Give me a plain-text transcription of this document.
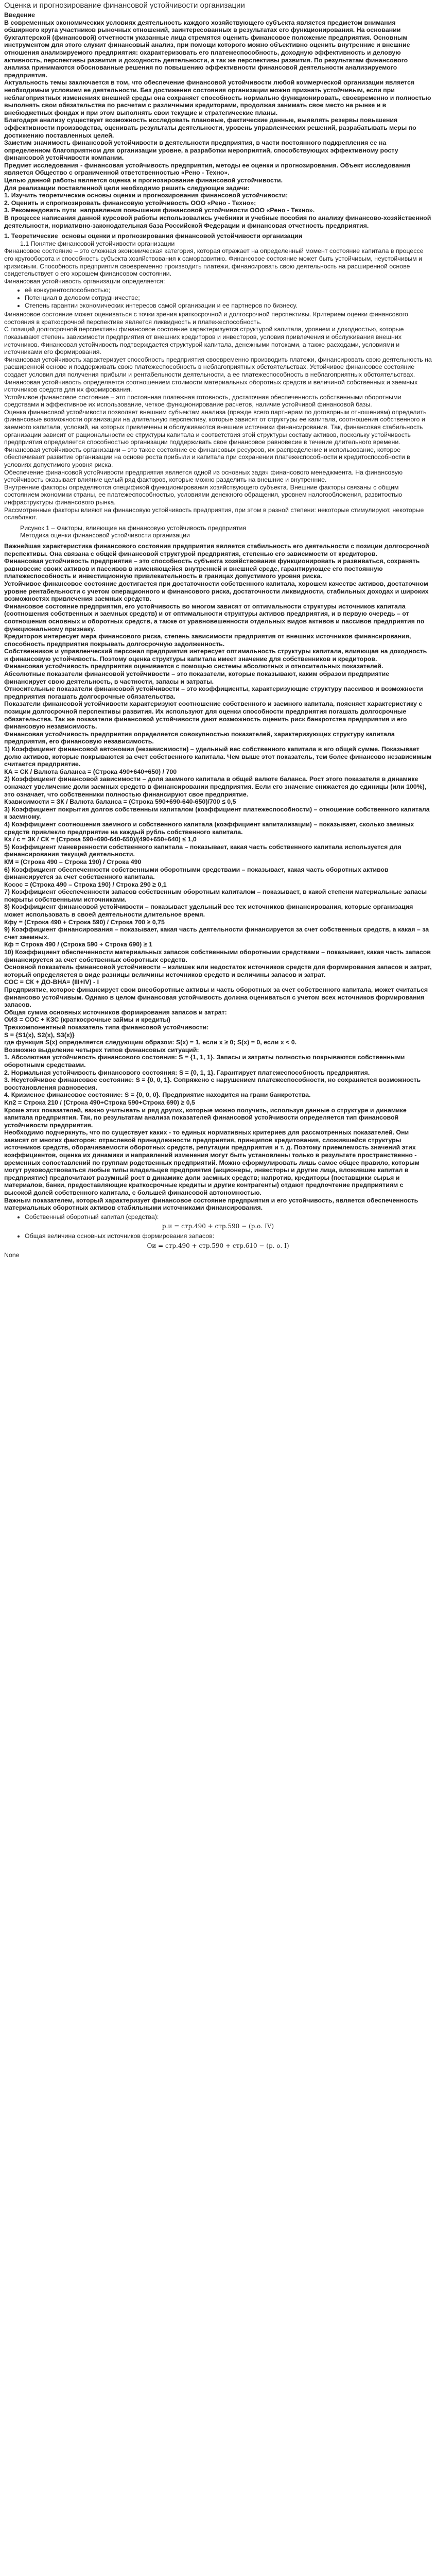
Оценка и прогнозирование финансовой устойчивости организации

Введение

В современных экономических условиях деятельность каждого хозяйствующего субъекта является предметом внимания обширного круга участников рыночных отношений, заинтересованных в результатах его функционирования. На основании бухгалтерской (финансовой) отчетности указанные лица стремятся оценить финансовое положение предприятия. Основным инструментом для этого служит финансовый анализ, при помощи которого можно объективно оценить внутренние и внешние отношения анализируемого предприятия: охарактеризовать его платежеспособность, доходную эффективность и деловую активность, перспективы развития и доходность деятельности, а так же перспективы развития. По результатам финансового анализа принимаются обоснованные решения по повышению эффективности финансовой деятельности анализируемого предприятия.

Актуальность темы заключается в том, что обеспечение финансовой устойчивости любой коммерческой организации является необходимым условием ее деятельности. Без достижения состояния организации можно признать устойчивым, если при неблагоприятных изменениях внешней среды она сохраняет способность нормально функционировать, своевременно и полностью выполнять свои обязательства по расчетам с различными кредиторами, продолжая занимать свое место на рынке и в внебюджетных фондах и при этом выполнять свои текущие и стратегические планы.

Благодаря анализу существует возможность исследовать плановые, фактические данные, выявлять резервы повышения эффективности производства, оценивать результаты деятельности, уровень управленческих решений, разрабатывать меры по достижению поставленных целей.

Заметим значимость финансовой устойчивости в деятельности предприятия, в части постоянного подкрепления ее на определенном благоприятном для организации уровне, а разработки мероприятий, способствующих эффективному росту финансовой устойчивости компании.

Предмет исследования - финансовая устойчивость предприятия, методы ее оценки и прогнозирования. Объект исследования является Общество с ограниченной ответственностью «Рено - Техно».

Целью данной работы является оценка и прогнозирование финансовой устойчивости.

Для реализации поставленной цели необходимо решить следующие задачи:

1. Изучить теоретические основы оценки и прогнозирования финансовой устойчивости;

2. Оценить и спрогнозировать финансовую устойчивость ООО «Рено - Техно»;

3. Рекомендовать пути  направления повышения финансовой устойчивости ООО «Рено - Техно».

В процессе написания данной курсовой работы использовались учебники и учебные пособия по анализу финансово-хозяйственной деятельности, нормативно-законодательная база Российской Федерации и финансовая отчетность предприятия.

1. Теоретические  основы оценки и прогнозирования финансовой устойчивости организации

1.1 Понятие финансовой устойчивости организации

Финансовое состояние – это сложная экономическая категория, которая отражает на определенный момент состояние капитала в процессе его кругооборота и способность субъекта хозяйствования к саморазвитию. Финансовое состояние может быть устойчивым, неустойчивым и кризисным. Способность предприятия своевременно производить платежи, финансировать свою деятельность на расширенной основе свидетельствует о его хорошем финансовом состоянии.

Финансовая устойчивость организации определяется:

• её конкурентоспособностью;
• Потенциал в деловом сотрудничестве;
• Степень гарантии экономических интересов самой организации и ее партнеров по бизнесу.

Финансовое состояние может оцениваться с точки зрения краткосрочной и долгосрочной перспективы. Критерием оценки финансового состояния в краткосрочной перспективе является ликвидность и платежеспособность.

С позиций долгосрочной перспективы финансовое состояние характеризуется структурой капитала, уровнем и доходностью, которые показывают степень зависимости предприятия от внешних кредиторов и инвесторов, условия привлечения и обслуживания внешних источников. Финансовая устойчивость подтверждается структурой капитала, денежными потоками, а также расходами, условиями и источниками его формирования.

Финансовая устойчивость характеризует способность предприятия своевременно производить платежи, финансировать свою деятельность на расширенной основе и поддерживать свою платежеспособность в неблагоприятных обстоятельствах. Устойчивое финансовое состояние создает условия для получения прибыли и рентабельности деятельности, а ее платежеспособность в неблагоприятных обстоятельствах. Финансовая устойчивость определяется соотношением стоимости материальных оборотных средств и величиной собственных и заемных источников средств для их формирования.

Устойчивое финансовое состояние – это постоянная платежная готовность, достаточная обеспеченность собственными оборотными средствами и эффективное их использование, четкое функционирование расчетов, наличие устойчивой финансовой базы.

Оценка финансовой устойчивости позволяет внешним субъектам анализа (прежде всего партнерам по договорным отношениям) определить финансовые возможности организации на длительную перспективу, которые зависят от структуры ее капитала, соотношения собственного и заемного капитала, условий, на которых привлечены и обслуживаются внешние источники финансирования. Так, финансовая стабильность организации зависит от рациональности ее структуры капитала и соответствия этой структуры составу активов, поскольку устойчивость предприятия определяется способностью организации поддерживать свое финансовое равновесие в течение длительного времени.

Финансовая устойчивость организации – это такое состояние ее финансовых ресурсов, их распределение и использование, которое обеспечивает развитие организации на основе роста прибыли и капитала при сохранении платежеспособности и кредитоспособности в условиях допустимого уровня риска.

Обеспечение финансовой устойчивости предприятия является одной из основных задач финансового менеджмента. На финансовую устойчивость оказывает влияние целый ряд факторов, которые можно разделить на внешние и внутренние.

Внутренние факторы определяются спецификой функционирования хозяйствующего субъекта. Внешние факторы связаны с общим состоянием экономики страны, ее платежеспособностью, условиями денежного обращения, уровнем налогообложения, развитостью инфраструктуры финансового рынка.

Рассмотренные факторы влияют на финансовую устойчивость предприятия, при этом в разной степени: некоторые стимулируют, некоторые ослабляют.

Рисунок 1 – Факторы, влияющие на финансовую устойчивость предприятия

Методика оценки финансовой устойчивости организации

Важнейшая характеристика финансового состояния предприятия является стабильность его деятельности с позиции долгосрочной перспективы. Она связана с общей финансовой структурой предприятия, степенью его зависимости от кредиторов.

Финансовая устойчивость предприятия – это способность субъекта хозяйствования функционировать и развиваться, сохранять равновесие своих активов и пассивов в изменяющейся внутренней и внешней среде, гарантирующее его постоянную платежеспособность и инвестиционную привлекательность в границах допустимого уровня риска.

Устойчивое финансовое состояние достигается при достаточности собственного капитала, хорошем качестве активов, достаточном уровне рентабельности с учетом операционного и финансового риска, достаточности ликвидности, стабильных доходах и широких возможностях привлечения заемных средств.

Финансовое состояние предприятия, его устойчивость во многом зависят от оптимальности структуры источников капитала (соотношения собственных и заемных средств) и от оптимальности структуры активов предприятия, и в первую очередь – от соотношения основных и оборотных средств, а также от уравновешенности отдельных видов активов и пассивов предприятия по функциональному признаку.

Кредиторов интересует мера финансового риска, степень зависимости предприятия от внешних источников финансирования, способность предприятия покрывать долгосрочную задолженность.

Собственников и управленческий персонал предприятия интересует оптимальность структуры капитала, влияющая на доходность и финансовую устойчивость. Поэтому оценка структуры капитала имеет значение для собственников и кредиторов.

Финансовая устойчивость предприятия оценивается с помощью системы абсолютных и относительных показателей.

Абсолютные показатели финансовой устойчивости – это показатели, которые показывают, каким образом предприятие финансирует свою деятельность, в частности, запасы и затраты.

Относительные показатели финансовой устойчивости – это коэффициенты, характеризующие структуру пассивов и возможности предприятия погашать долгосрочные обязательства.

Показатели финансовой устойчивости характеризуют соотношение собственного и заемного капитала, поясняет характеристику с позиции долгосрочной перспективы развития. Их используют для оценки способности предприятия погашать долгосрочные обязательства. Так же показатели финансовой устойчивости дают возможность оценить риск банкротства предприятия и его финансовую независимость.

Финансовая устойчивость предприятия определяется совокупностью показателей, характеризующих структуру капитала предприятия, его финансовую независимость.

1) Коэффициент финансовой автономии (независимости) – удельный вес собственного капитала в его общей сумме. Показывает долю активов, которые покрываются за счет собственного капитала. Чем выше этот показатель, тем более финансово независимым считается предприятие.

КА = СК / Валюта баланса = (Строка 490+640+650) / 700

2) Коэффициент финансовой зависимости – доля заемного капитала в общей валюте баланса. Рост этого показателя в динамике означает увеличение доли заемных средств в финансировании предприятия. Если его значение снижается до единицы (или 100%), это означает, что собственники полностью финансируют свое предприятие.

Кзависимости = ЗК / Валюта баланса = (Строка 590+690-640-650)/700 ≤ 0,5

3) Коэффициент покрытия долгов собственным капиталом (коэффициент платежеспособности) – отношение собственного капитала к заемному.

4) Коэффициент соотношения заемного и собственного капитала (коэффициент капитализации) – показывает, сколько заемных средств привлекло предприятие на каждый рубль собственного капитала.

Кз / с = ЗК / СК = (Строка 590+690-640-650)/(490+650+640) ≤ 1,0

5) Коэффициент маневренности собственного капитала – показывает, какая часть собственного капитала используется для финансирования текущей деятельности.

КМ = (Строка 490 – Строка 190) / Строка 490

6) Коэффициент обеспеченности собственными оборотными средствами – показывает, какая часть оборотных активов финансируется за счет собственного капитала.

Косос = (Строка 490 – Строка 190) / Строка 290 ≥ 0,1

7) Коэффициент обеспеченности запасов собственным оборотным капиталом – показывает, в какой степени материальные запасы покрыты собственными источниками.

8) Коэффициент финансовой устойчивости – показывает удельный вес тех источников финансирования, которые организация может использовать в своей деятельности длительное время.

Кфу = (Строка 490 + Строка 590) / Строка 700 ≥ 0,75

9) Коэффициент финансирования – показывает, какая часть деятельности финансируется за счет собственных средств, а какая – за счет заемных.

Кф = Строка 490 / (Строка 590 + Строка 690) ≥ 1

10) Коэффициент обеспеченности материальных запасов собственными оборотными средствами – показывает, какая часть запасов финансируется за счет собственных оборотных средств.

Основной показатель финансовой устойчивости – излишек или недостаток источников средств для формирования запасов и затрат, который определяется в виде разницы величины источников средств и величины запасов и затрат.

СОС = СК + ДО-ВНА= (III+IV) - I

Предприятие, которое финансирует свои внеоборотные активы и часть оборотных за счет собственного капитала, может считаться финансово устойчивым. Однако в целом финансовая устойчивость должна оцениваться с учетом всех источников формирования запасов.

Общая сумма основных источников формирования запасов и затрат:

ОИЗ = СОС + КЗС (краткосрочные займы и кредиты)

Трехкомпонентный показатель типа финансовой устойчивости:

S = {S1(x), S2(x), S3(x)}

где функция S(x) определяется следующим образом: S(x) = 1, если x ≥ 0; S(x) = 0, если x < 0.

Возможно выделение четырех типов финансовых ситуаций:

1. Абсолютная устойчивость финансового состояния: S = {1, 1, 1}. Запасы и затраты полностью покрываются собственными оборотными средствами.

2. Нормальная устойчивость финансового состояния: S = {0, 1, 1}. Гарантирует платежеспособность предприятия.

3. Неустойчивое финансовое состояние: S = {0, 0, 1}. Сопряжено с нарушением платежеспособности, но сохраняется возможность восстановления равновесия.

4. Кризисное финансовое состояние: S = {0, 0, 0}. Предприятие находится на грани банкротства.

Kn2 = Строка 210 / (Строка 490+Строка 590+Строка 690) ≥ 0,5

Кроме этих показателей, важно учитывать и ряд других, которые можно получить, используя данные о структуре и динамике капитала предприятия. Так, по результатам анализа показателей финансовой устойчивости определяется тип финансовой устойчивости предприятия.

Необходимо подчеркнуть, что по существует каких - то единых нормативных критериев для рассмотренных показателей. Они зависят от многих факторов: отраслевой принадлежности предприятия, принципов кредитования, сложившейся структуры источников средств, оборачиваемости оборотных средств, репутации предприятия и т. д. Поэтому приемлемость значений этих коэффициентов, оценка их динамики и направлений изменения могут быть установлены только в результате пространственно - временных сопоставлений по группам родственных предприятий. Можно сформулировать лишь самое общее правило, которым могут руководствоваться любые типы владельцев предприятия (акционеры, инвесторы и другие лица, вложившие капитал в предприятие) предпочитают разумный рост в динамике доли заемных средств; напротив, кредиторы (поставщики сырья и материалов, банки, предоставляющие краткосрочные кредиты и другие контрагенты) отдают предпочтение предприятиям с высокой долей собственного капитала, с большей финансовой автономностью.

Важным показателем, который характеризует финансовое состояние предприятия и его устойчивость, является обеспеченность материальных оборотных активов стабильными источниками финансирования.

• Собственный оборотный капитал (средства):
р.и = стр.490 + стр.590 − (р.о. IV)
• Общая величина основных источников формирования запасов:
Ои = стр.490 + стр.590 + стр.610 − (р. о. I)

None
